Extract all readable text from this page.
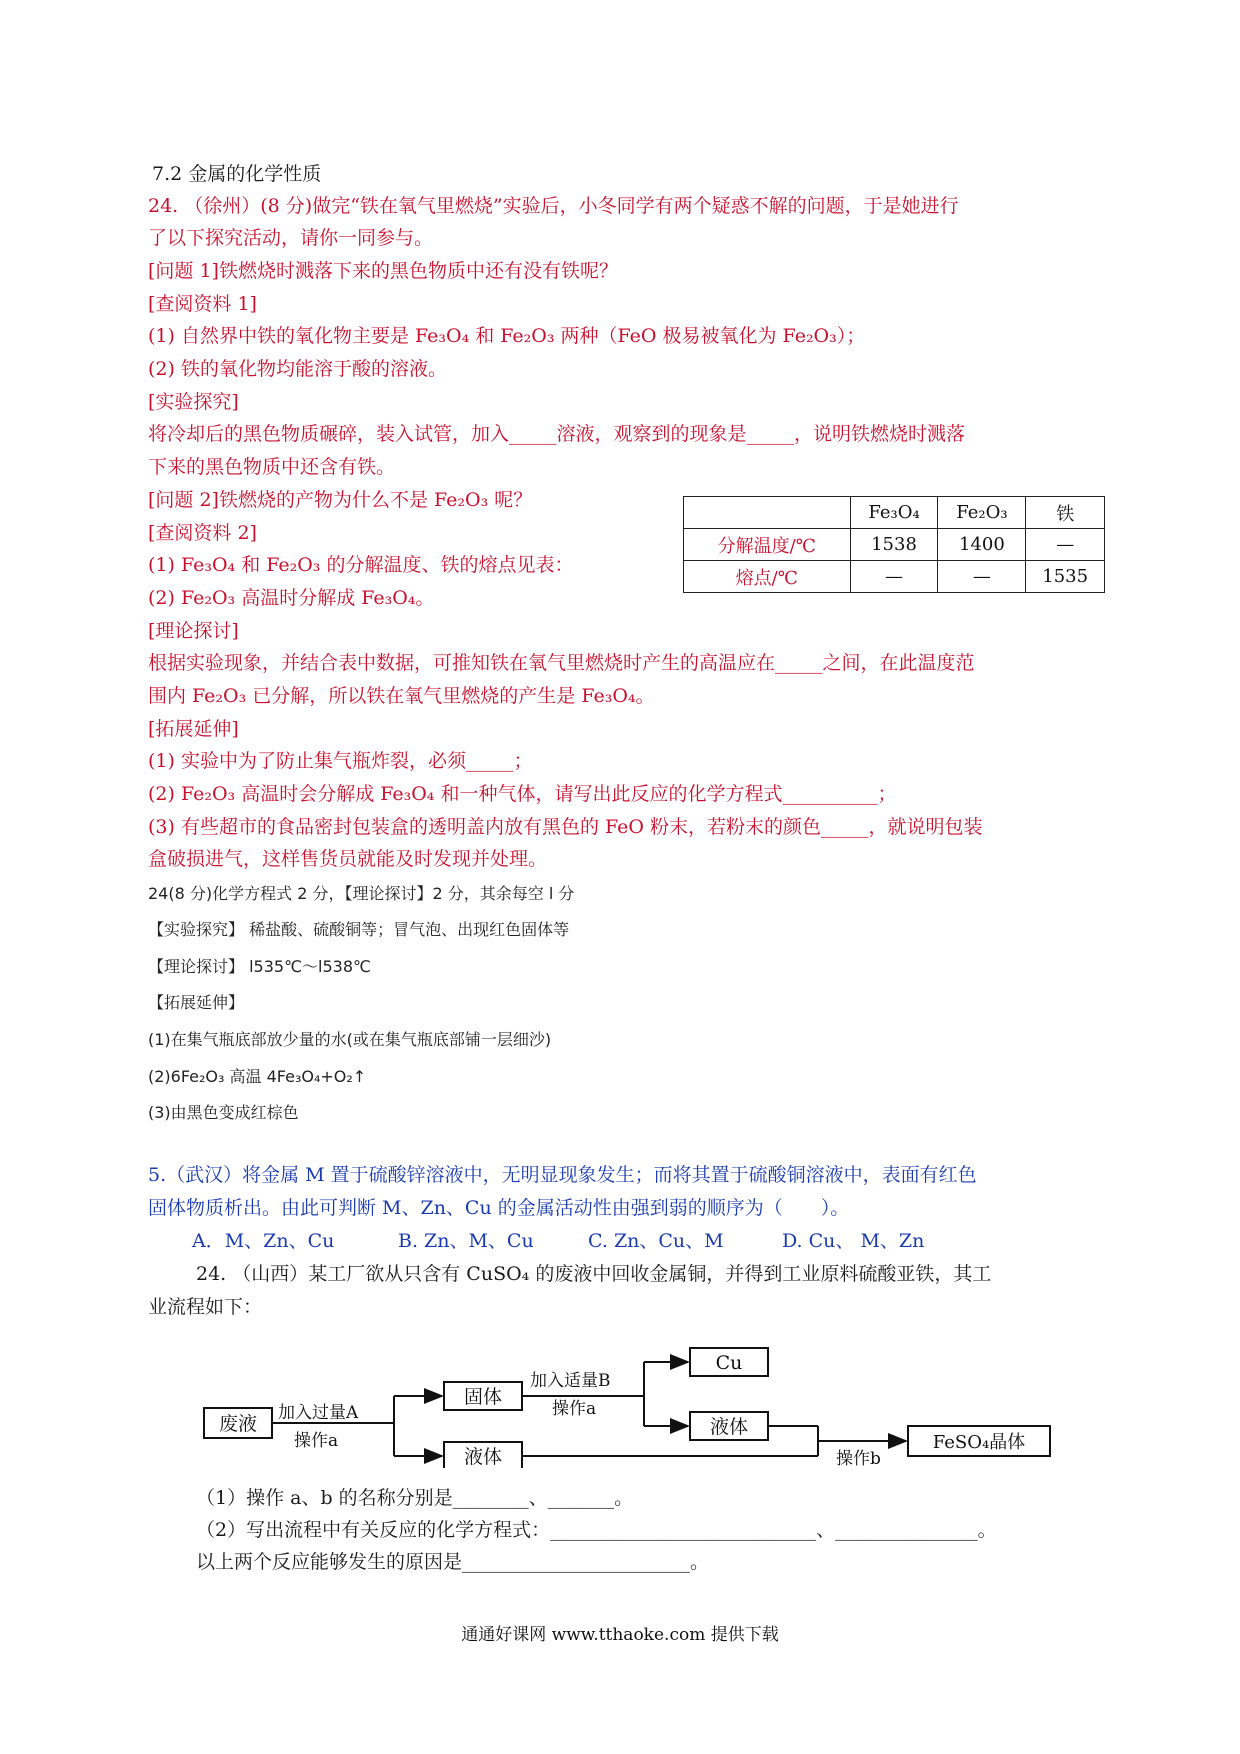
7.2 金属的化学性质
24. （徐州）(8 分)做完“铁在氧气里燃烧”实验后，小冬同学有两个疑惑不解的问题，于是她进行
了以下探究活动，请你一同参与。
[问题 1]铁燃烧时溅落下来的黑色物质中还有没有铁呢？
[查阅资料 1]
(1) 自然界中铁的氧化物主要是 Fe₃O₄ 和 Fe₂O₃ 两种（FeO 极易被氧化为 Fe₂O₃）；
(2) 铁的氧化物均能溶于酸的溶液。
[实验探究]
将冷却后的黑色物质碾碎，装入试管，加入_____溶液，观察到的现象是_____，说明铁燃烧时溅落
下来的黑色物质中还含有铁。
[问题 2]铁燃烧的产物为什么不是 Fe₂O₃ 呢？
[查阅资料 2]
(1) Fe₃O₄ 和 Fe₂O₃ 的分解温度、铁的熔点见表：
(2) Fe₂O₃ 高温时分解成 Fe₃O₄。
[理论探讨]
根据实验现象，并结合表中数据，可推知铁在氧气里燃烧时产生的高温应在_____之间，在此温度范
围内 Fe₂O₃ 已分解，所以铁在氧气里燃烧的产生是 Fe₃O₄。
[拓展延伸]
(1) 实验中为了防止集气瓶炸裂，必须_____；
(2) Fe₂O₃ 高温时会分解成 Fe₃O₄ 和一种气体，请写出此反应的化学方程式__________；
(3) 有些超市的食品密封包装盒的透明盖内放有黑色的 FeO 粉末，若粉末的颜色_____，就说明包装
盒破损进气，这样售货员就能及时发现并处理。
	Fe₃O₄	Fe₂O₃	铁
分解温度/℃	1538	1400	—
熔点/℃	—	—	1535
24(8 分)化学方程式 2 分，【理论探讨】2 分，其余每空 l 分
【实验探究】 稀盐酸、硫酸铜等；冒气泡、出现红色固体等
【理论探讨】 l535℃～l538℃
【拓展延伸】
(1)在集气瓶底部放少量的水(或在集气瓶底部铺一层细沙)
(2)6Fe₂O₃ 高温 4Fe₃O₄+O₂↑
(3)由黑色变成红棕色
5.（武汉）将金属 M 置于硫酸锌溶液中，无明显现象发生；而将其置于硫酸铜溶液中，表面有红色
固体物质析出。由此可判断 M、Zn、Cu 的金属活动性由强到弱的顺序为（　　）。
A．M、Zn、Cu	B. Zn、M、Cu	C. Zn、Cu、M	D. Cu、 M、Zn
24. （山西）某工厂欲从只含有 CuSO₄ 的废液中回收金属铜，并得到工业原料硫酸亚铁，其工
业流程如下：
废液 加入过量A
操作a
固体
液体
加入适量B
操作a
Cu
液体
操作b
FeSO₄晶体
（1）操作 a、b 的名称分别是________、_______。
（2）写出流程中有关反应的化学方程式：____________________________、_______________。
以上两个反应能够发生的原因是________________________。
通通好课网 www.tthaoke.com 提供下载
